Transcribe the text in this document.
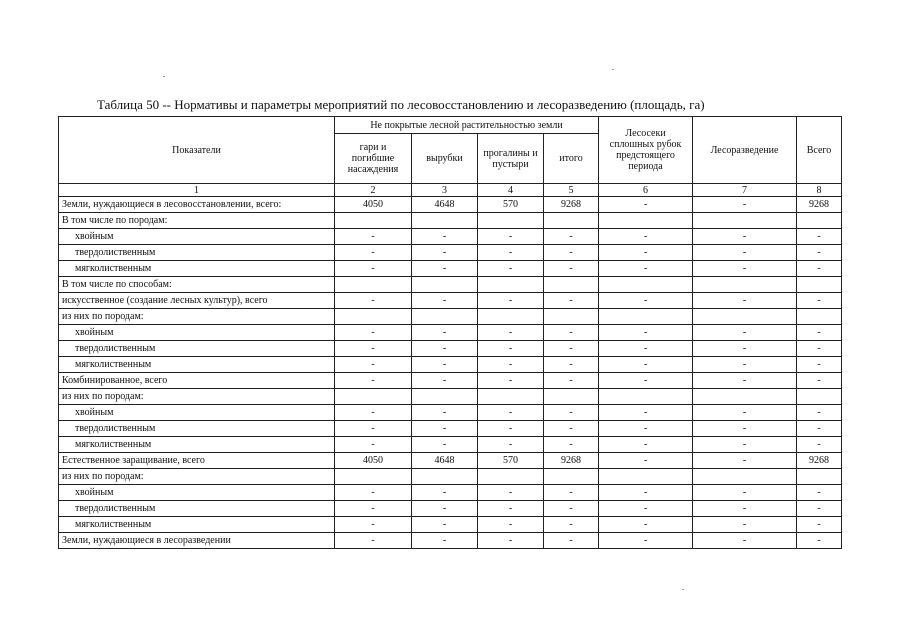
Таблица 50 -- Нормативы и параметры мероприятий по лесовосстановлению и лесоразведению (площадь, га)
Показатели	Не покрытые лесной растительностью земли				Лесосеки сплошных рубок предстоящего периода	Лесоразведение	Всего
	гари и погибшие насаждения	вырубки	прогалины и пустыри	итого			
1	2	3	4	5	6	7	8
Земли, нуждающиеся в лесовосстановлении, всего:	4050	4648	570	9268	-	-	9268
В том числе по породам:							
хвойным	-	-	-	-	-	-	-
твердолиственным	-	-	-	-	-	-	-
мягколиственным	-	-	-	-	-	-	-
В том числе по способам:							
искусственное (создание лесных культур), всего	-	-	-	-	-	-	-
из них по породам:							
хвойным	-	-	-	-	-	-	-
твердолиственным	-	-	-	-	-	-	-
мягколиственным	-	-	-	-	-	-	-
Комбинированное, всего	-	-	-	-	-	-	-
из них по породам:							
хвойным	-	-	-	-	-	-	-
твердолиственным	-	-	-	-	-	-	-
мягколиственным	-	-	-	-	-	-	-
Естественное заращивание, всего	4050	4648	570	9268	-	-	9268
из них по породам:							
хвойным	-	-	-	-	-	-	-
твердолиственным	-	-	-	-	-	-	-
мягколиственным	-	-	-	-	-	-	-
Земли, нуждающиеся в лесоразведении	-	-	-	-	-	-	-
